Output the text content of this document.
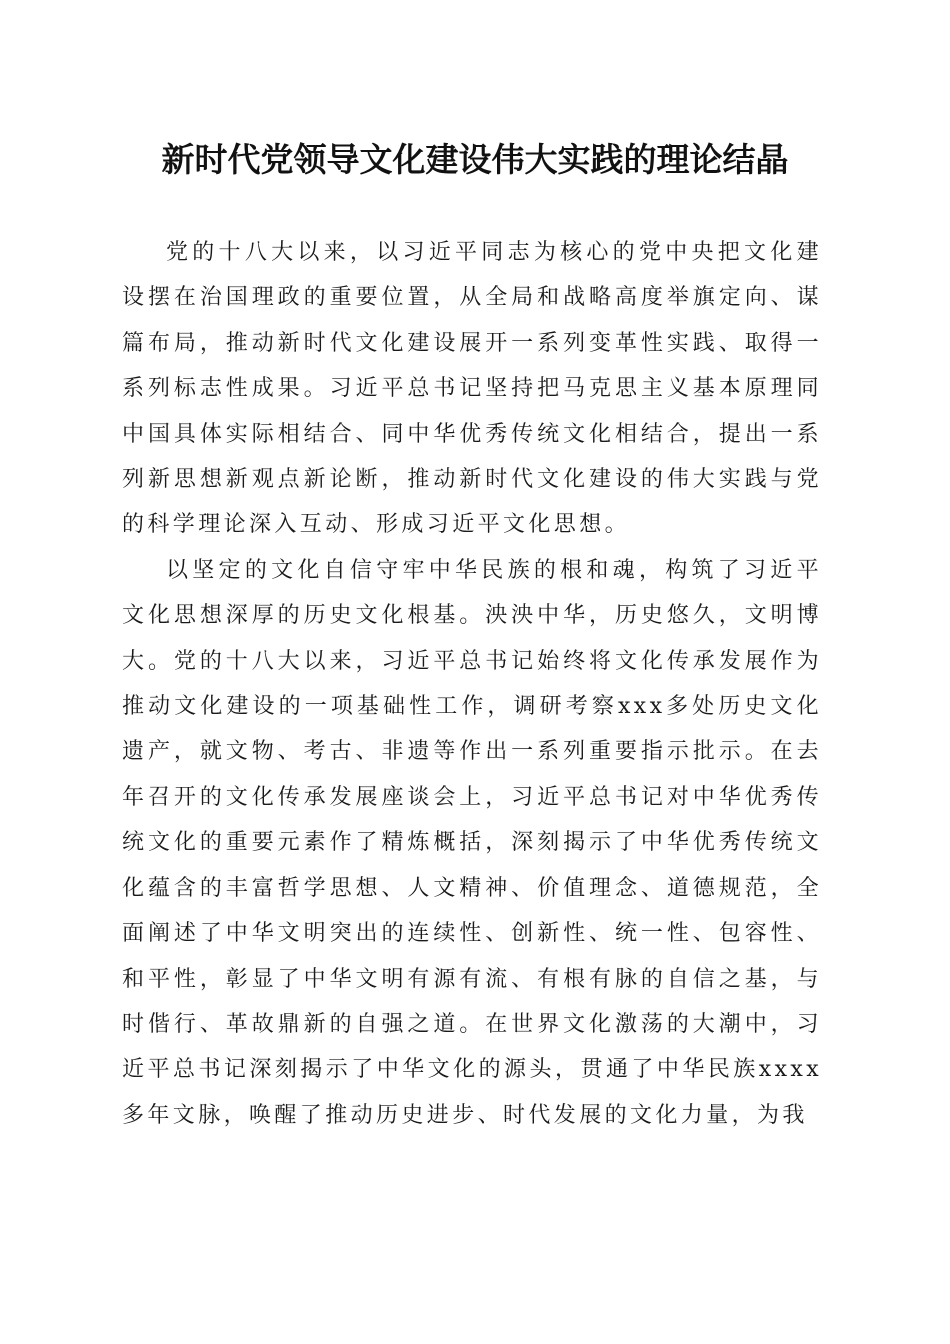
新时代党领导文化建设伟大实践的理论结晶

党的十八大以来，以习近平同志为核心的党中央把文化建设摆在治国理政的重要位置，从全局和战略高度举旗定向、谋篇布局，推动新时代文化建设展开一系列变革性实践、取得一系列标志性成果。习近平总书记坚持把马克思主义基本原理同中国具体实际相结合、同中华优秀传统文化相结合，提出一系列新思想新观点新论断，推动新时代文化建设的伟大实践与党的科学理论深入互动、形成习近平文化思想。

以坚定的文化自信守牢中华民族的根和魂，构筑了习近平文化思想深厚的历史文化根基。泱泱中华，历史悠久，文明博大。党的十八大以来，习近平总书记始终将文化传承发展作为推动文化建设的一项基础性工作，调研考察xxx多处历史文化遗产，就文物、考古、非遗等作出一系列重要指示批示。在去年召开的文化传承发展座谈会上，习近平总书记对中华优秀传统文化的重要元素作了精炼概括，深刻揭示了中华优秀传统文化蕴含的丰富哲学思想、人文精神、价值理念、道德规范，全面阐述了中华文明突出的连续性、创新性、统一性、包容性、和平性，彰显了中华文明有源有流、有根有脉的自信之基，与时偕行、革故鼎新的自强之道。在世界文化激荡的大潮中，习近平总书记深刻揭示了中华文化的源头，贯通了中华民族xxxx多年文脉，唤醒了推动历史进步、时代发展的文化力量，为我
